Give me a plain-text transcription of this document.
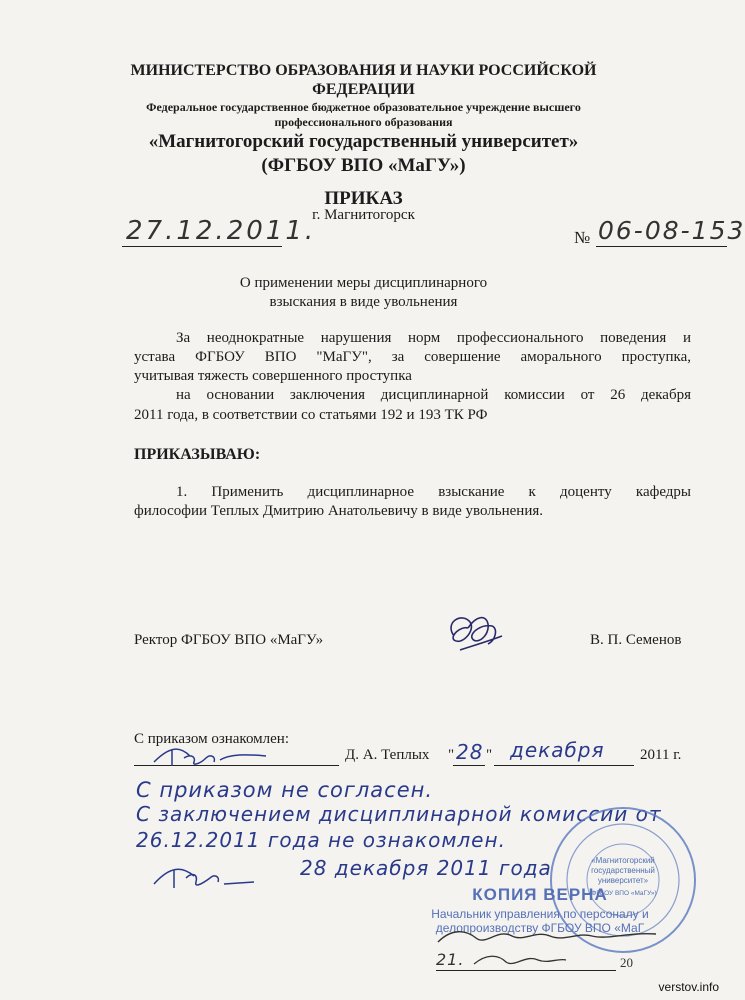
МИНИСТЕРСТВО ОБРАЗОВАНИЯ И НАУКИ РОССИЙСКОЙ
ФЕДЕРАЦИИ
Федеральное государственное бюджетное образовательное учреждение высшего
профессионального образования
«Магнитогорский государственный университет»
(ФГБОУ ВПО «МаГУ»)
ПРИКАЗ
г. Магнитогорск
27.12.2011.	№ 06-08-153
О применении меры дисциплинарного
взыскания в виде увольнения
За неоднократные нарушения норм профессионального поведения и
устава ФГБОУ ВПО "МаГУ", за совершение аморального проступка,
учитывая тяжесть совершенного проступка
на основании заключения дисциплинарной комиссии от 26 декабря
2011 года, в соответствии со статьями 192 и 193 ТК РФ
ПРИКАЗЫВАЮ:
1. Применить дисциплинарное взыскание к доценту кафедры
философии Теплых Дмитрию Анатольевичу в виде увольнения.
Ректор ФГБОУ ВПО «МаГУ»	В. П. Семенов
С приказом ознакомлен:
Д. А. Теплых " 28 " декабря 2011 г.
С приказом не согласен.
С заключением дисциплинарной комиссии от
26.12.2011 года не ознакомлен.
28 декабря 2011 года	«Магнитогорский
государственный
университет»
(ФГБОУ ВПО «МаГУ»)
КОПИЯ ВЕРНА
Начальник управления по персоналу и
делопроизводству ФГБОУ ВПО «МаГ
21.	20
verstov.info
